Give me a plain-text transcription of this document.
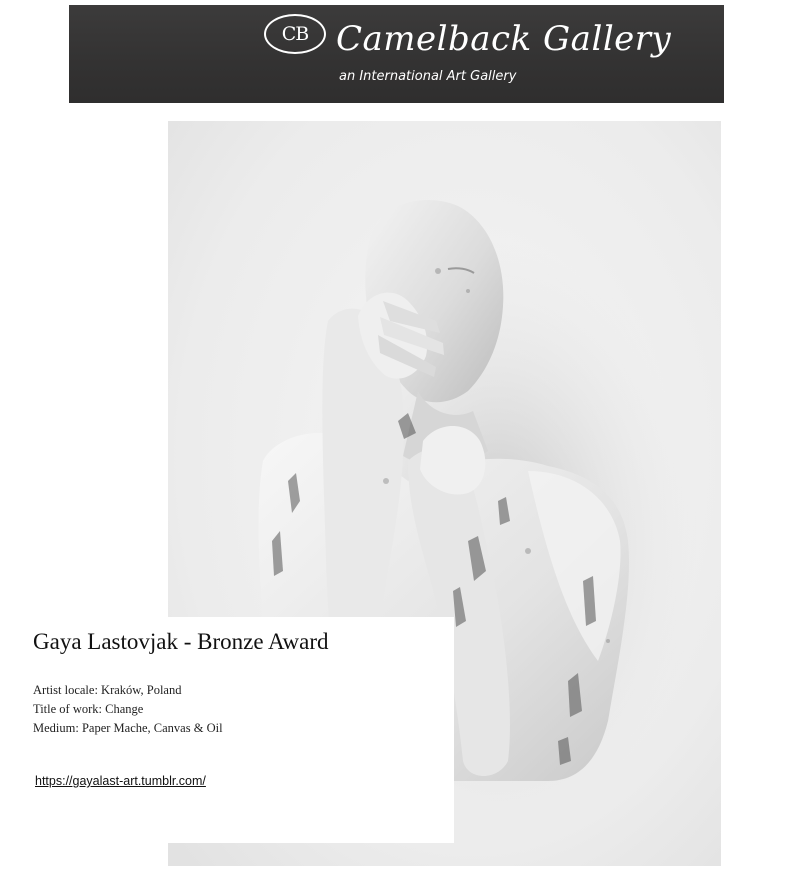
CB Camelback Gallery
an International Art Gallery
Gaya Lastovjak - Bronze Award
Artist locale: Kraków, Poland
Title of work: Change
Medium: Paper Mache, Canvas & Oil
https://gayalast-art.tumblr.com/
